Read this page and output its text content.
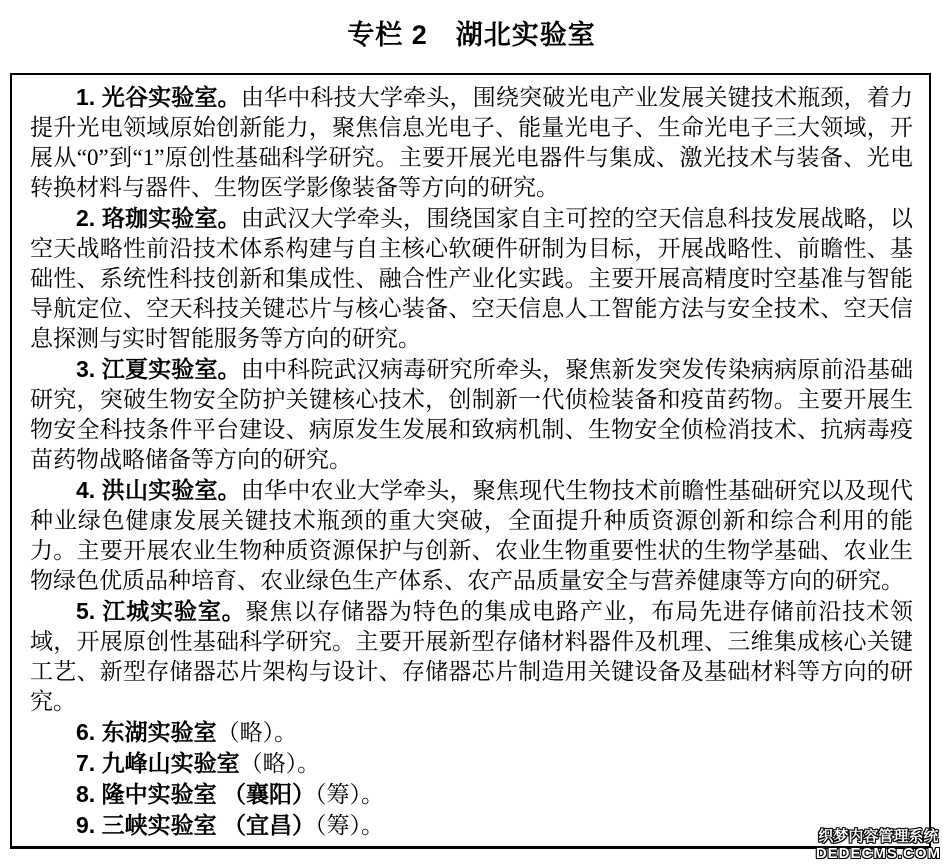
专栏 2　湖北实验室

1. 光谷实验室。由华中科技大学牵头，围绕突破光电产业发展关键技术瓶颈，着力提升光电领域原始创新能力，聚焦信息光电子、能量光电子、生命光电子三大领域，开展从“0”到“1”原创性基础科学研究。主要开展光电器件与集成、激光技术与装备、光电转换材料与器件、生物医学影像装备等方向的研究。

2. 珞珈实验室。由武汉大学牵头，围绕国家自主可控的空天信息科技发展战略，以空天战略性前沿技术体系构建与自主核心软硬件研制为目标，开展战略性、前瞻性、基础性、系统性科技创新和集成性、融合性产业化实践。主要开展高精度时空基准与智能导航定位、空天科技关键芯片与核心装备、空天信息人工智能方法与安全技术、空天信息探测与实时智能服务等方向的研究。

3. 江夏实验室。由中科院武汉病毒研究所牵头，聚焦新发突发传染病病原前沿基础研究，突破生物安全防护关键核心技术，创制新一代侦检装备和疫苗药物。主要开展生物安全科技条件平台建设、病原发生发展和致病机制、生物安全侦检消技术、抗病毒疫苗药物战略储备等方向的研究。

4. 洪山实验室。由华中农业大学牵头，聚焦现代生物技术前瞻性基础研究以及现代种业绿色健康发展关键技术瓶颈的重大突破，全面提升种质资源创新和综合利用的能力。主要开展农业生物种质资源保护与创新、农业生物重要性状的生物学基础、农业生物绿色优质品种培育、农业绿色生产体系、农产品质量安全与营养健康等方向的研究。

5. 江城实验室。聚焦以存储器为特色的集成电路产业，布局先进存储前沿技术领域，开展原创性基础科学研究。主要开展新型存储材料器件及机理、三维集成核心关键工艺、新型存储器芯片架构与设计、存储器芯片制造用关键设备及基础材料等方向的研究。

6. 东湖实验室（略）。

7. 九峰山实验室（略）。

8. 隆中实验室 （襄阳）（筹）。

9. 三峡实验室 （宜昌）（筹）。	织梦内容管理系统
DEDECMS.COM
